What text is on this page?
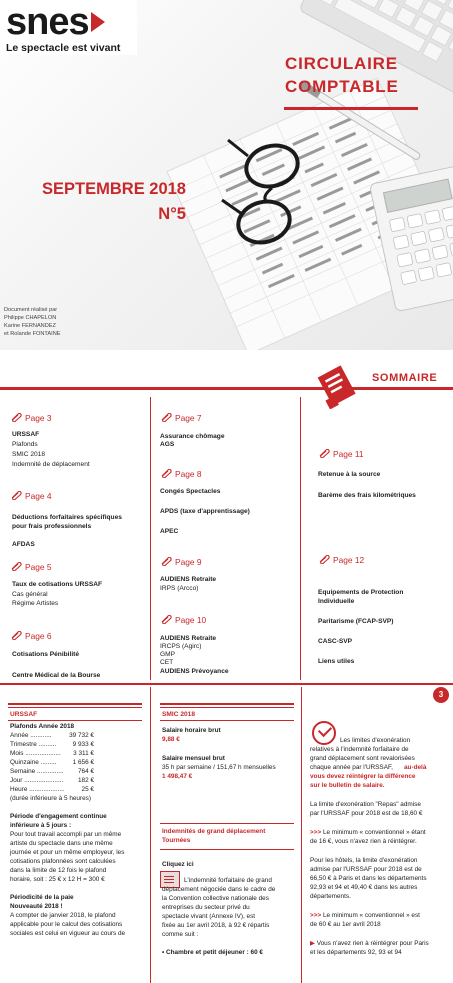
snes
Le spectacle est vivant
CIRCULAIRE
COMPTABLE
SEPTEMBRE 2018
N°5
Document réalisé par
Philippe CHAPELON
Karine FERNANDEZ
et Rolande FONTAINE
SOMMAIRE
Page 3
URSSAF
Plafonds
SMIC 2018
Indemnité de déplacement
Page 4
Déductions forfaitaires spécifiques
pour frais professionnels
AFDAS
Page 5
Taux de cotisations URSSAF
Cas général
Régime Artistes
Page 6
Cotisations Pénibilité
Centre Médical de la Bourse
Page 7
Assurance chômage
AGS
Page 8
Congés Spectacles
APDS (taxe d'apprentissage)
APEC
Page 9
AUDIENS Retraite
IRPS (Arcco)
Page 10
AUDIENS Retraite
IRCPS (Agirc)
GMP
CET
AUDIENS Prévoyance
Page 11
Retenue à la source
Barème des frais kilométriques
Page 12
Equipements de Protection
Individuelle
Paritarisme (FCAP-SVP)
CASC-SVP
Liens utiles
3
URSSAF
Plafonds Année 2018
Année ............	39 732 €
Trimestre ..........	9 933 €
Mois .................... 3 311 €
Quinzaine .........	1 656 €
Semaine ............... 764 €
Jour ...................... 182 €
Heure ....................	25 €
(durée inférieure à 5 heures)
Période d'engagement continue
inférieure à 5 jours :
Pour tout travail accompli par un même
artiste du spectacle dans une même
journée et pour un même employeur, les
cotisations plafonnées sont calculées
dans la limite de 12 fois le plafond
horaire, soit : 25 € x 12 H = 300 €
Périodicité de la paie
Nouveauté 2018 !
A compter de janvier 2018, le plafond
applicable pour le calcul des cotisations
sociales est celui en vigueur au cours de
SMIC 2018
Salaire horaire brut
9,88 €
Salaire mensuel brut
35 h par semaine / 151,67 h mensuelles
1 498,47 €
Indemnités de grand déplacement
Tournées
Cliquez ici
L'indemnité forfaitaire de grand
déplacement négociée dans le cadre de
la Convention collective nationale des
entreprises du secteur privé du
spectacle vivant (Annexe IV), est
fixée au 1er avril 2018, à 92 € répartis
comme suit :
• Chambre et petit déjeuner : 60 €
Les limites d'exonération
relatives à l'indemnité forfaitaire de
grand déplacement sont revalorisées
chaque année par l'URSSAF, au-delà
vous devez réintégrer la différence
sur le bulletin de salaire.
La limite d'exonération "Repas" admise
par l'URSSAF pour 2018 est de 18,60 €
>>> Le minimum « conventionnel » étant
de 16 €, vous n'avez rien à réintégrer.
Pour les hôtels, la limite d'exonération
admise par l'URSSAF pour 2018 est de
66,50 € à Paris et dans les départements
92,93 et 94 et 49,40 € dans les autres
départements.
>>> Le minimum « conventionnel » est
de 60 € au 1er avril 2018
▶ Vous n'avez rien à réintégrer pour Paris
et les départements 92, 93 et 94
